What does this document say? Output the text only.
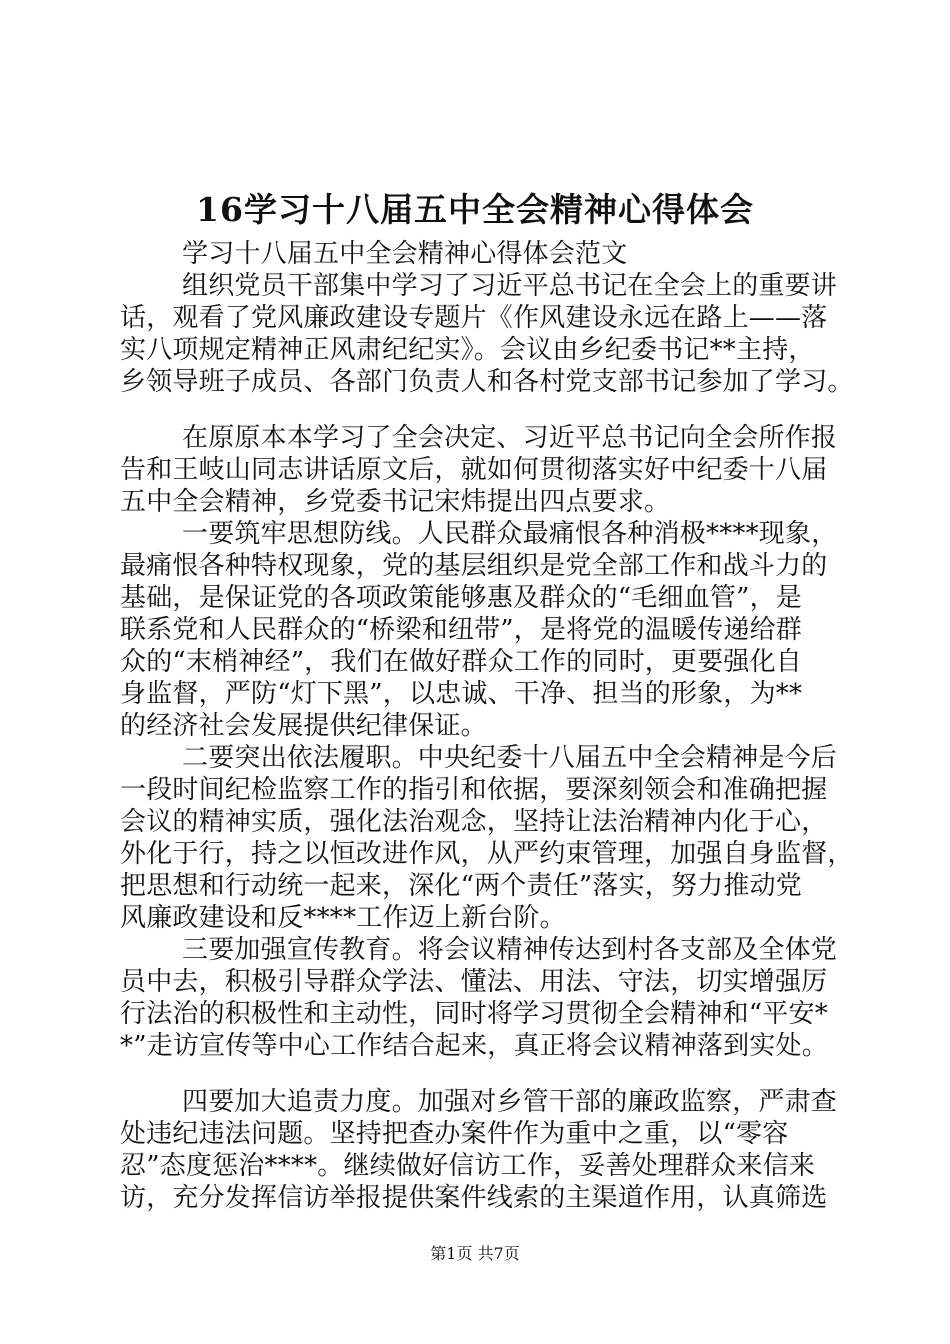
16学习十八届五中全会精神心得体会
学习十八届五中全会精神心得体会范文
组织党员干部集中学习了习近平总书记在全会上的重要讲
话，观看了党风廉政建设专题片《作风建设永远在路上——落
实八项规定精神正风肃纪纪实》。会议由乡纪委书记**主持，
乡领导班子成员、各部门负责人和各村党支部书记参加了学习。
在原原本本学习了全会决定、习近平总书记向全会所作报
告和王岐山同志讲话原文后，就如何贯彻落实好中纪委十八届
五中全会精神，乡党委书记宋炜提出四点要求。
一要筑牢思想防线。人民群众最痛恨各种消极****现象，
最痛恨各种特权现象，党的基层组织是党全部工作和战斗力的
基础，是保证党的各项政策能够惠及群众的“毛细血管”，是
联系党和人民群众的“桥梁和纽带”，是将党的温暖传递给群
众的“末梢神经”，我们在做好群众工作的同时，更要强化自
身监督，严防“灯下黑”，以忠诚、干净、担当的形象，为**
的经济社会发展提供纪律保证。
二要突出依法履职。中央纪委十八届五中全会精神是今后
一段时间纪检监察工作的指引和依据，要深刻领会和准确把握
会议的精神实质，强化法治观念，坚持让法治精神内化于心，
外化于行，持之以恒改进作风，从严约束管理，加强自身监督，
把思想和行动统一起来，深化“两个责任”落实，努力推动党
风廉政建设和反****工作迈上新台阶。
三要加强宣传教育。将会议精神传达到村各支部及全体党
员中去，积极引导群众学法、懂法、用法、守法，切实增强厉
行法治的积极性和主动性，同时将学习贯彻全会精神和“平安*
*”走访宣传等中心工作结合起来，真正将会议精神落到实处。
四要加大追责力度。加强对乡管干部的廉政监察，严肃查
处违纪违法问题。坚持把查办案件作为重中之重，以“零容
忍”态度惩治****。继续做好信访工作，妥善处理群众来信来
访，充分发挥信访举报提供案件线索的主渠道作用，认真筛选
第1页 共7页
